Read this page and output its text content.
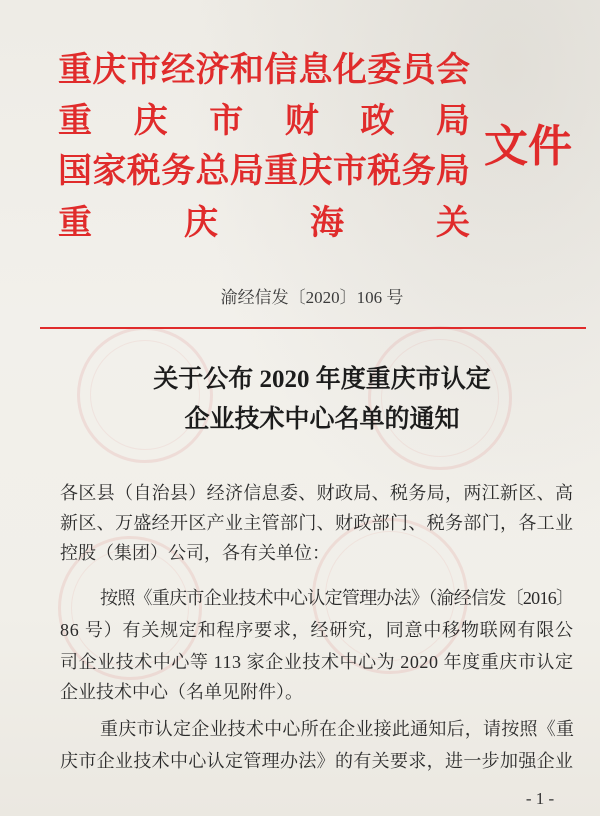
重庆市经济和信息化委员会
重庆市财政局
国家税务总局重庆市税务局
重庆海关
文件
渝经信发〔2020〕106 号
关于公布 2020 年度重庆市认定
企业技术中心名单的通知
各区县（自治县）经济信息委、财政局、税务局，两江新区、高
新区、万盛经开区产业主管部门、财政部门、税务部门，各工业
控股（集团）公司，各有关单位：
按照《重庆市企业技术中心认定管理办法》（渝经信发〔2016〕
86 号）有关规定和程序要求，经研究，同意中移物联网有限公
司企业技术中心等 113 家企业技术中心为 2020 年度重庆市认定
企业技术中心（名单见附件）。
重庆市认定企业技术中心所在企业接此通知后，请按照《重
庆市企业技术中心认定管理办法》的有关要求，进一步加强企业
- 1 -
